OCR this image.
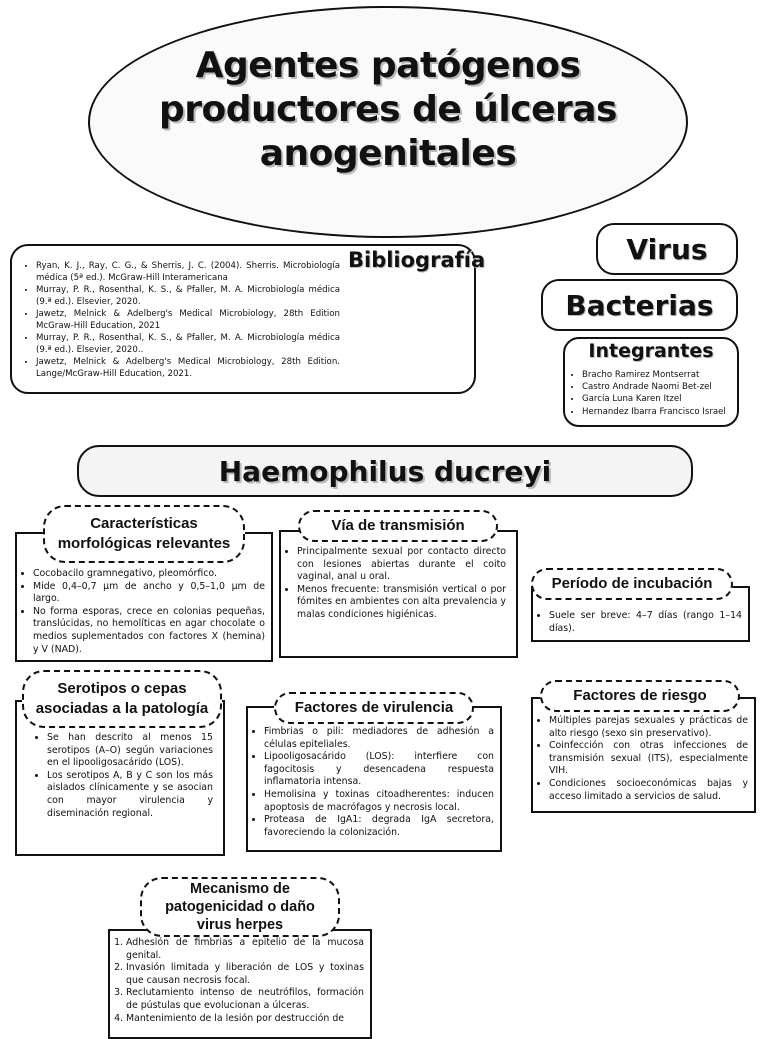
Agentes patógenos
productores de úlceras
anogenitales
Bibliografía
• Ryan, K. J., Ray, C. G., & Sherris, J. C. (2004). Sherris. Microbiología médica (5ª ed.). McGraw-Hill Interamericana
• Murray, P. R., Rosenthal, K. S., & Pfaller, M. A. Microbiología médica (9.ª ed.). Elsevier, 2020.
• Jawetz, Melnick & Adelberg's Medical Microbiology, 28th Edition McGraw-Hill Education, 2021
• Murray, P. R., Rosenthal, K. S., & Pfaller, M. A. Microbiología médica (9.ª ed.). Elsevier, 2020..
• Jawetz, Melnick & Adelberg's Medical Microbiology, 28th Edition. Lange/McGraw-Hill Education, 2021.
Virus
Bacterias
Integrantes
• Bracho Ramirez Montserrat
• Castro Andrade Naomi Bet-zel
• García Luna Karen Itzel
• Hernandez Ibarra Francisco Israel
Haemophilus ducreyi
• Cocobacilo gramnegativo, pleomórfico.
• Mide 0,4–0,7 µm de ancho y 0,5–1,0 µm de largo.
• No forma esporas, crece en colonias pequeñas, translúcidas, no hemolíticas en agar chocolate o medios suplementados con factores X (hemina) y V (NAD).
Características
morfológicas relevantes
•	Principalmente sexual por contacto directo con lesiones abiertas durante el coito vaginal, anal u oral.
• Menos frecuente: transmisión vertical o por fómites en ambientes con alta prevalencia y malas condiciones higiénicas.
Vía de transmisión
• Suele ser breve: 4–7 días (rango 1–14 días).
Período de incubación
• Se han descrito al menos 15 serotipos (A–O) según variaciones en el lipooligosacárido (LOS).
• Los serotipos A, B y C son los más aislados clínicamente y se asocian con mayor virulencia y diseminación regional.
Serotipos o cepas
asociadas a la patología
• Fimbrias o pili: mediadores de adhesión a células epiteliales.
• Lipooligosacárido (LOS): interfiere con fagocitosis y desencadena respuesta inflamatoria intensa.
• Hemolisina y toxinas citoadherentes: inducen apoptosis de macrófagos y necrosis local.
• Proteasa de IgA1: degrada IgA secretora, favoreciendo la colonización.
Factores de virulencia
• Múltiples parejas sexuales y prácticas de alto riesgo (sexo sin preservativo).
• Coinfección con otras infecciones de transmisión sexual (ITS), especialmente VIH.
• Condiciones socioeconómicas bajas y acceso limitado a servicios de salud.
Factores de riesgo
1. Adhesión de fimbrias a epitelio de la mucosa genital.
2. Invasión limitada y liberación de LOS y toxinas que causan necrosis focal.
3. Reclutamiento intenso de neutrófilos, formación de pústulas que evolucionan a úlceras.
4. Mantenimiento de la lesión por destrucción de
Mecanismo de
patogenicidad o daño
virus herpes
